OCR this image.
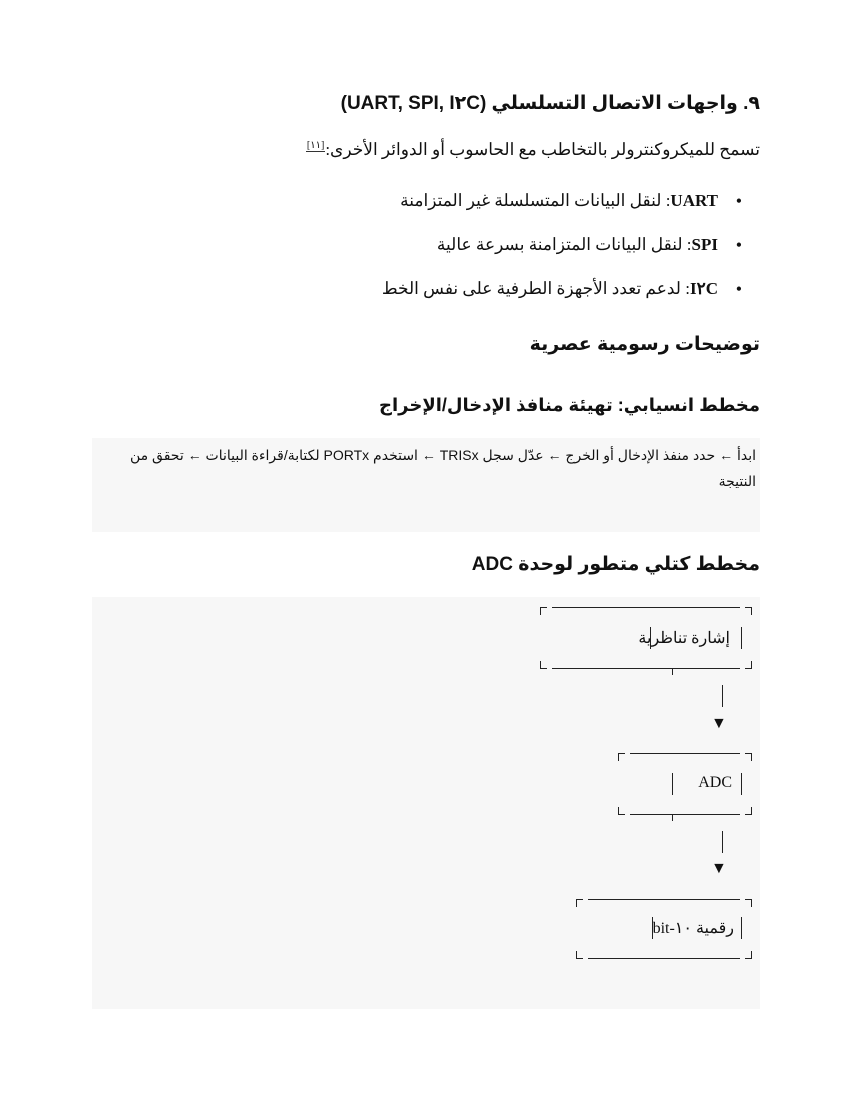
٩. واجهات الاتصال التسلسلي (UART, SPI, I٢C)
تسمح للميكروكنترولر بالتخاطب مع الحاسوب أو الدوائر الأخرى:[١١]
• UART: لنقل البيانات المتسلسلة غير المتزامنة
• SPI: لنقل البيانات المتزامنة بسرعة عالية
• I٢C: لدعم تعدد الأجهزة الطرفية على نفس الخط
توضيحات رسومية عصرية
مخطط انسيابي: تهيئة منافذ الإدخال/الإخراج
ابدأ ← حدد منفذ الإدخال أو الخرج ← عدّل سجل TRISx ← استخدم PORTx لكتابة/قراءة البيانات ← تحقق من النتيجة
مخطط كتلي متطور لوحدة ADC
إشارة تناظرية
▼
ADC
▼
رقمية ١٠-bit
